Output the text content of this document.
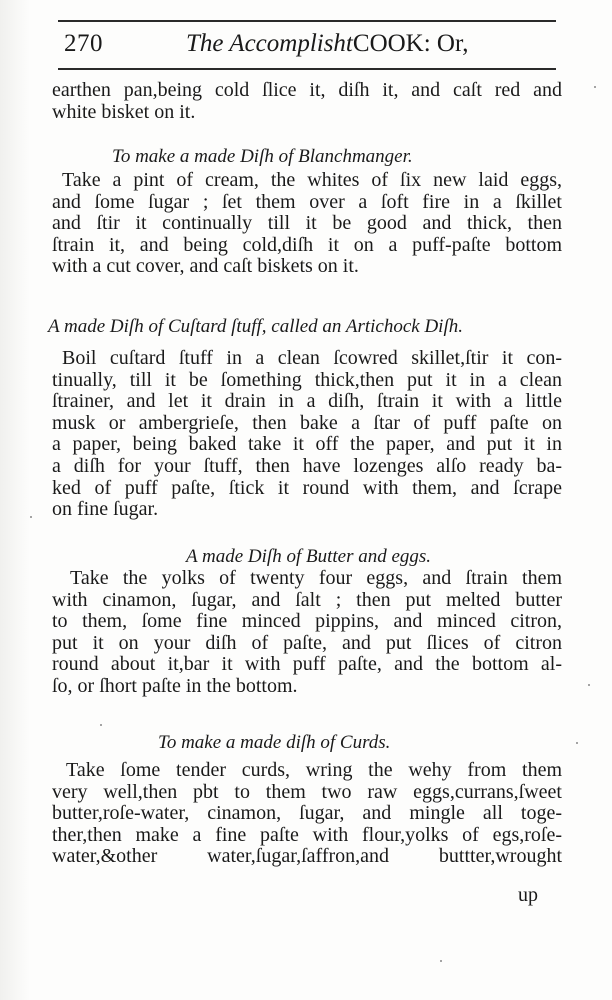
270	The AccomplishtCOOK: Or,
earthen pan,being cold ſlice it, diſh it, and caſt red and
white bisket on it.
To make a made Diſh of Blanchmanger.
Take a pint of cream, the whites of ſix new laid eggs,
and ſome ſugar ; ſet them over a ſoft fire in a ſkillet
and ſtir it continually till it be good and thick, then
ſtrain it, and being cold,diſh it on a puff-paſte bottom
with a cut cover, and caſt biskets on it.
A made Diſh of Cuſtard ſtuff, called an Artichock Diſh.
Boil cuſtard ſtuff in a clean ſcowred skillet,ſtir it con-
tinually, till it be ſomething thick,then put it in a clean
ſtrainer, and let it drain in a diſh, ſtrain it with a little
musk or ambergrieſe, then bake a ſtar of puff paſte on
a paper, being baked take it off the paper, and put it in
a diſh for your ſtuff, then have lozenges alſo ready ba-
ked of puff paſte, ſtick it round with them, and ſcrape
on fine ſugar.
A made Diſh of Butter and eggs.
Take the yolks of twenty four eggs, and ſtrain them
with cinamon, ſugar, and ſalt ; then put melted butter
to them, ſome fine minced pippins, and minced citron,
put it on your diſh of paſte, and put ſlices of citron
round about it,bar it with puff paſte, and the bottom al-
ſo, or ſhort paſte in the bottom.
To make a made diſh of Curds.
Take ſome tender curds, wring the wehy from them
very well,then pbt to them two raw eggs,currans,ſweet
butter,roſe-water, cinamon, ſugar, and mingle all toge-
ther,then make a fine paſte with flour,yolks of egs,roſe-
water,&other water,ſugar,ſaffron,and buttter,wrought
up
